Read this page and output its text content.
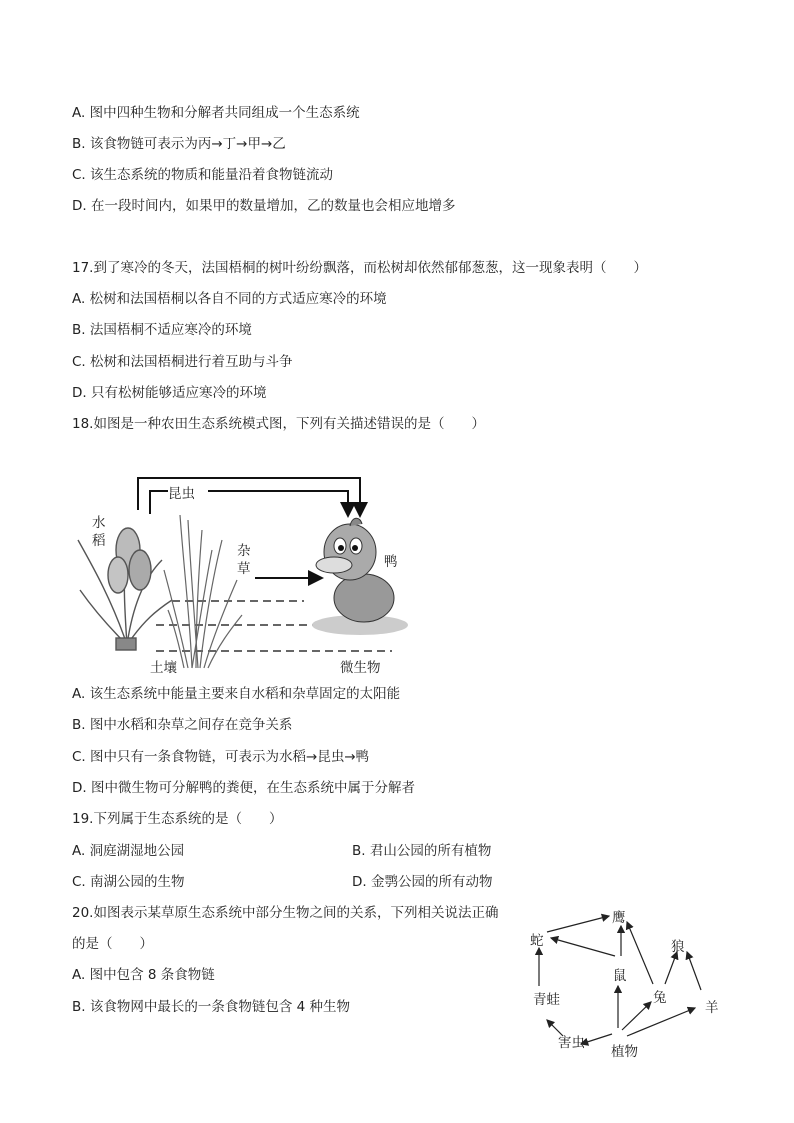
A. 图中四种生物和分解者共同组成一个生态系统
B. 该食物链可表示为丙→丁→甲→乙
C. 该生态系统的物质和能量沿着食物链流动
D. 在一段时间内，如果甲的数量增加，乙的数量也会相应地增多
17.到了寒冷的冬天，法国梧桐的树叶纷纷飘落，而松树却依然郁郁葱葱，这一现象表明（　　）
A. 松树和法国梧桐以各自不同的方式适应寒冷的环境
B. 法国梧桐不适应寒冷的环境
C. 松树和法国梧桐进行着互助与斗争
D. 只有松树能够适应寒冷的环境
18.如图是一种农田生态系统模式图，下列有关描述错误的是（　　）
昆虫
水稻
杂草	鸭
土壤	微生物
A. 该生态系统中能量主要来自水稻和杂草固定的太阳能
B. 图中水稻和杂草之间存在竞争关系
C. 图中只有一条食物链，可表示为水稻→昆虫→鸭
D. 图中微生物可分解鸭的粪便，在生态系统中属于分解者
19.下列属于生态系统的是（　　）
A. 洞庭湖湿地公园	B. 君山公园的所有植物
C. 南湖公园的生物	D. 金鹗公园的所有动物
20.如图表示某草原生态系统中部分生物之间的关系，下列相关说法正确
的是（　　）
A. 图中包含 8 条食物链
B. 该食物网中最长的一条食物链包含 4 种生物
鹰
蛇	狼
鼠
青蛙	兔
羊
害虫
植物
